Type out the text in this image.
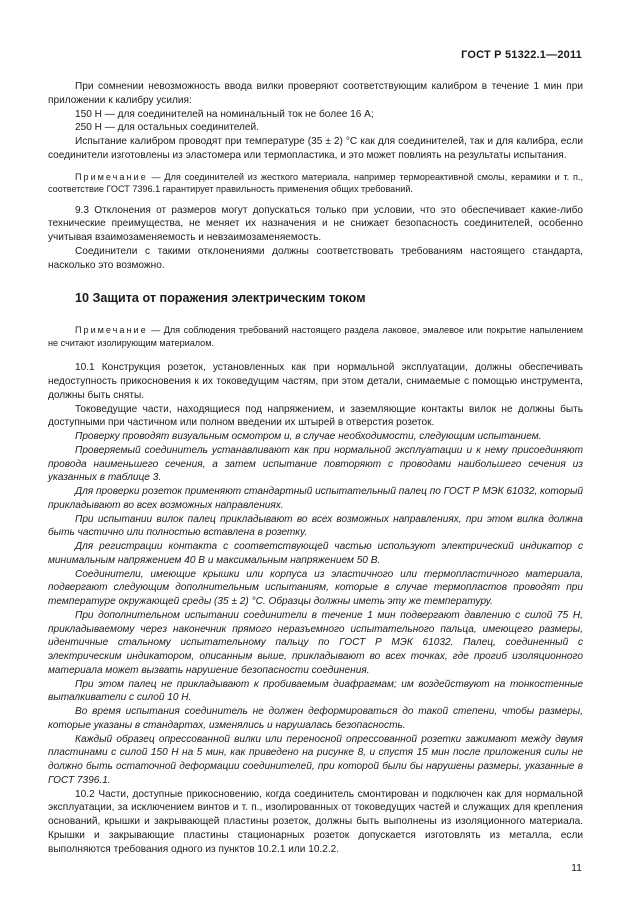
ГОСТ Р 51322.1—2011

При сомнении невозможность ввода вилки проверяют соответствующим калибром в течение 1 мин при приложении к калибру усилия:

150 Н — для соединителей на номинальный ток не более 16 А;

250 Н — для остальных соединителей.

Испытание калибром проводят при температуре (35 ± 2) °С как для соединителей, так и для калибра, если соединители изготовлены из эластомера или термопластика, и это может повлиять на результаты испытания.

Примечание — Для соединителей из жесткого материала, например термореактивной смолы, керамики и т. п., соответствие ГОСТ 7396.1 гарантирует правильность применения общих требований.

9.3 Отклонения от размеров могут допускаться только при условии, что это обеспечивает какие-либо технические преимущества, не меняет их назначения и не снижает безопасность соединителей, особенно учитывая взаимозаменяемость и невзаимозаменяемость.

Соединители с такими отклонениями должны соответствовать требованиям настоящего стандарта, насколько это возможно.

10 Защита от поражения электрическим током

Примечание — Для соблюдения требований настоящего раздела лаковое, эмалевое или покрытие напылением не считают изолирующим материалом.

10.1 Конструкция розеток, установленных как при нормальной эксплуатации, должны обеспечивать недоступность прикосновения к их токоведущим частям, при этом детали, снимаемые с помощью инструмента, должны быть сняты.

Токоведущие части, находящиеся под напряжением, и заземляющие контакты вилок не должны быть доступными при частичном или полном введении их штырей в отверстия розеток.

Проверку проводят визуальным осмотром и, в случае необходимости, следующим испытанием.

Проверяемый соединитель устанавливают как при нормальной эксплуатации и к нему присоединяют провода наименьшего сечения, а затем испытание повторяют с проводами наибольшего сечения из указанных в таблице 3.

Для проверки розеток применяют стандартный испытательный палец по ГОСТ Р МЭК 61032, который прикладывают во всех возможных направлениях.

При испытании вилок палец прикладывают во всех возможных направлениях, при этом вилка должна быть частично или полностью вставлена в розетку.

Для регистрации контакта с соответствующей частью используют электрический индикатор с минимальным напряжением 40 В и максимальным напряжением 50 В.

Соединители, имеющие крышки или корпуса из эластичного или термопластичного материала, подвергают следующим дополнительным испытаниям, которые в случае термопластов проводят при температуре окружающей среды (35 ± 2) °С. Образцы должны иметь эту же температуру.

При дополнительном испытании соединители в течение 1 мин подвергают давлению с силой 75 Н, прикладываемому через наконечник прямого неразъемного испытательного пальца, имеющего размеры, идентичные стальному испытательному пальцу по ГОСТ Р МЭК 61032. Палец, соединенный с электрическим индикатором, описанным выше, прикладывают во всех точках, где прогиб изоляционного материала может вызвать нарушение безопасности соединения.

При этом палец не прикладывают к пробиваемым диафрагмам; им воздействуют на тонкостенные выталкиватели с силой 10 Н.

Во время испытания соединитель не должен деформироваться до такой степени, чтобы размеры, которые указаны в стандартах, изменялись и нарушалась безопасность.

Каждый образец опрессованной вилки или переносной опрессованной розетки зажимают между двумя пластинами с силой 150 Н на 5 мин, как приведено на рисунке 8, и спустя 15 мин после приложения силы не должно быть остаточной деформации соединителей, при которой были бы нарушены размеры, указанные в ГОСТ 7396.1.

10.2 Части, доступные прикосновению, когда соединитель смонтирован и подключен как для нормальной эксплуатации, за исключением винтов и т. п., изолированных от токоведущих частей и служащих для крепления оснований, крышки и закрывающей пластины розеток, должны быть выполнены из изоляционного материала. Крышки и закрывающие пластины стационарных розеток допускается изготовлять из металла, если выполняются требования одного из пунктов 10.2.1 или 10.2.2.

11
